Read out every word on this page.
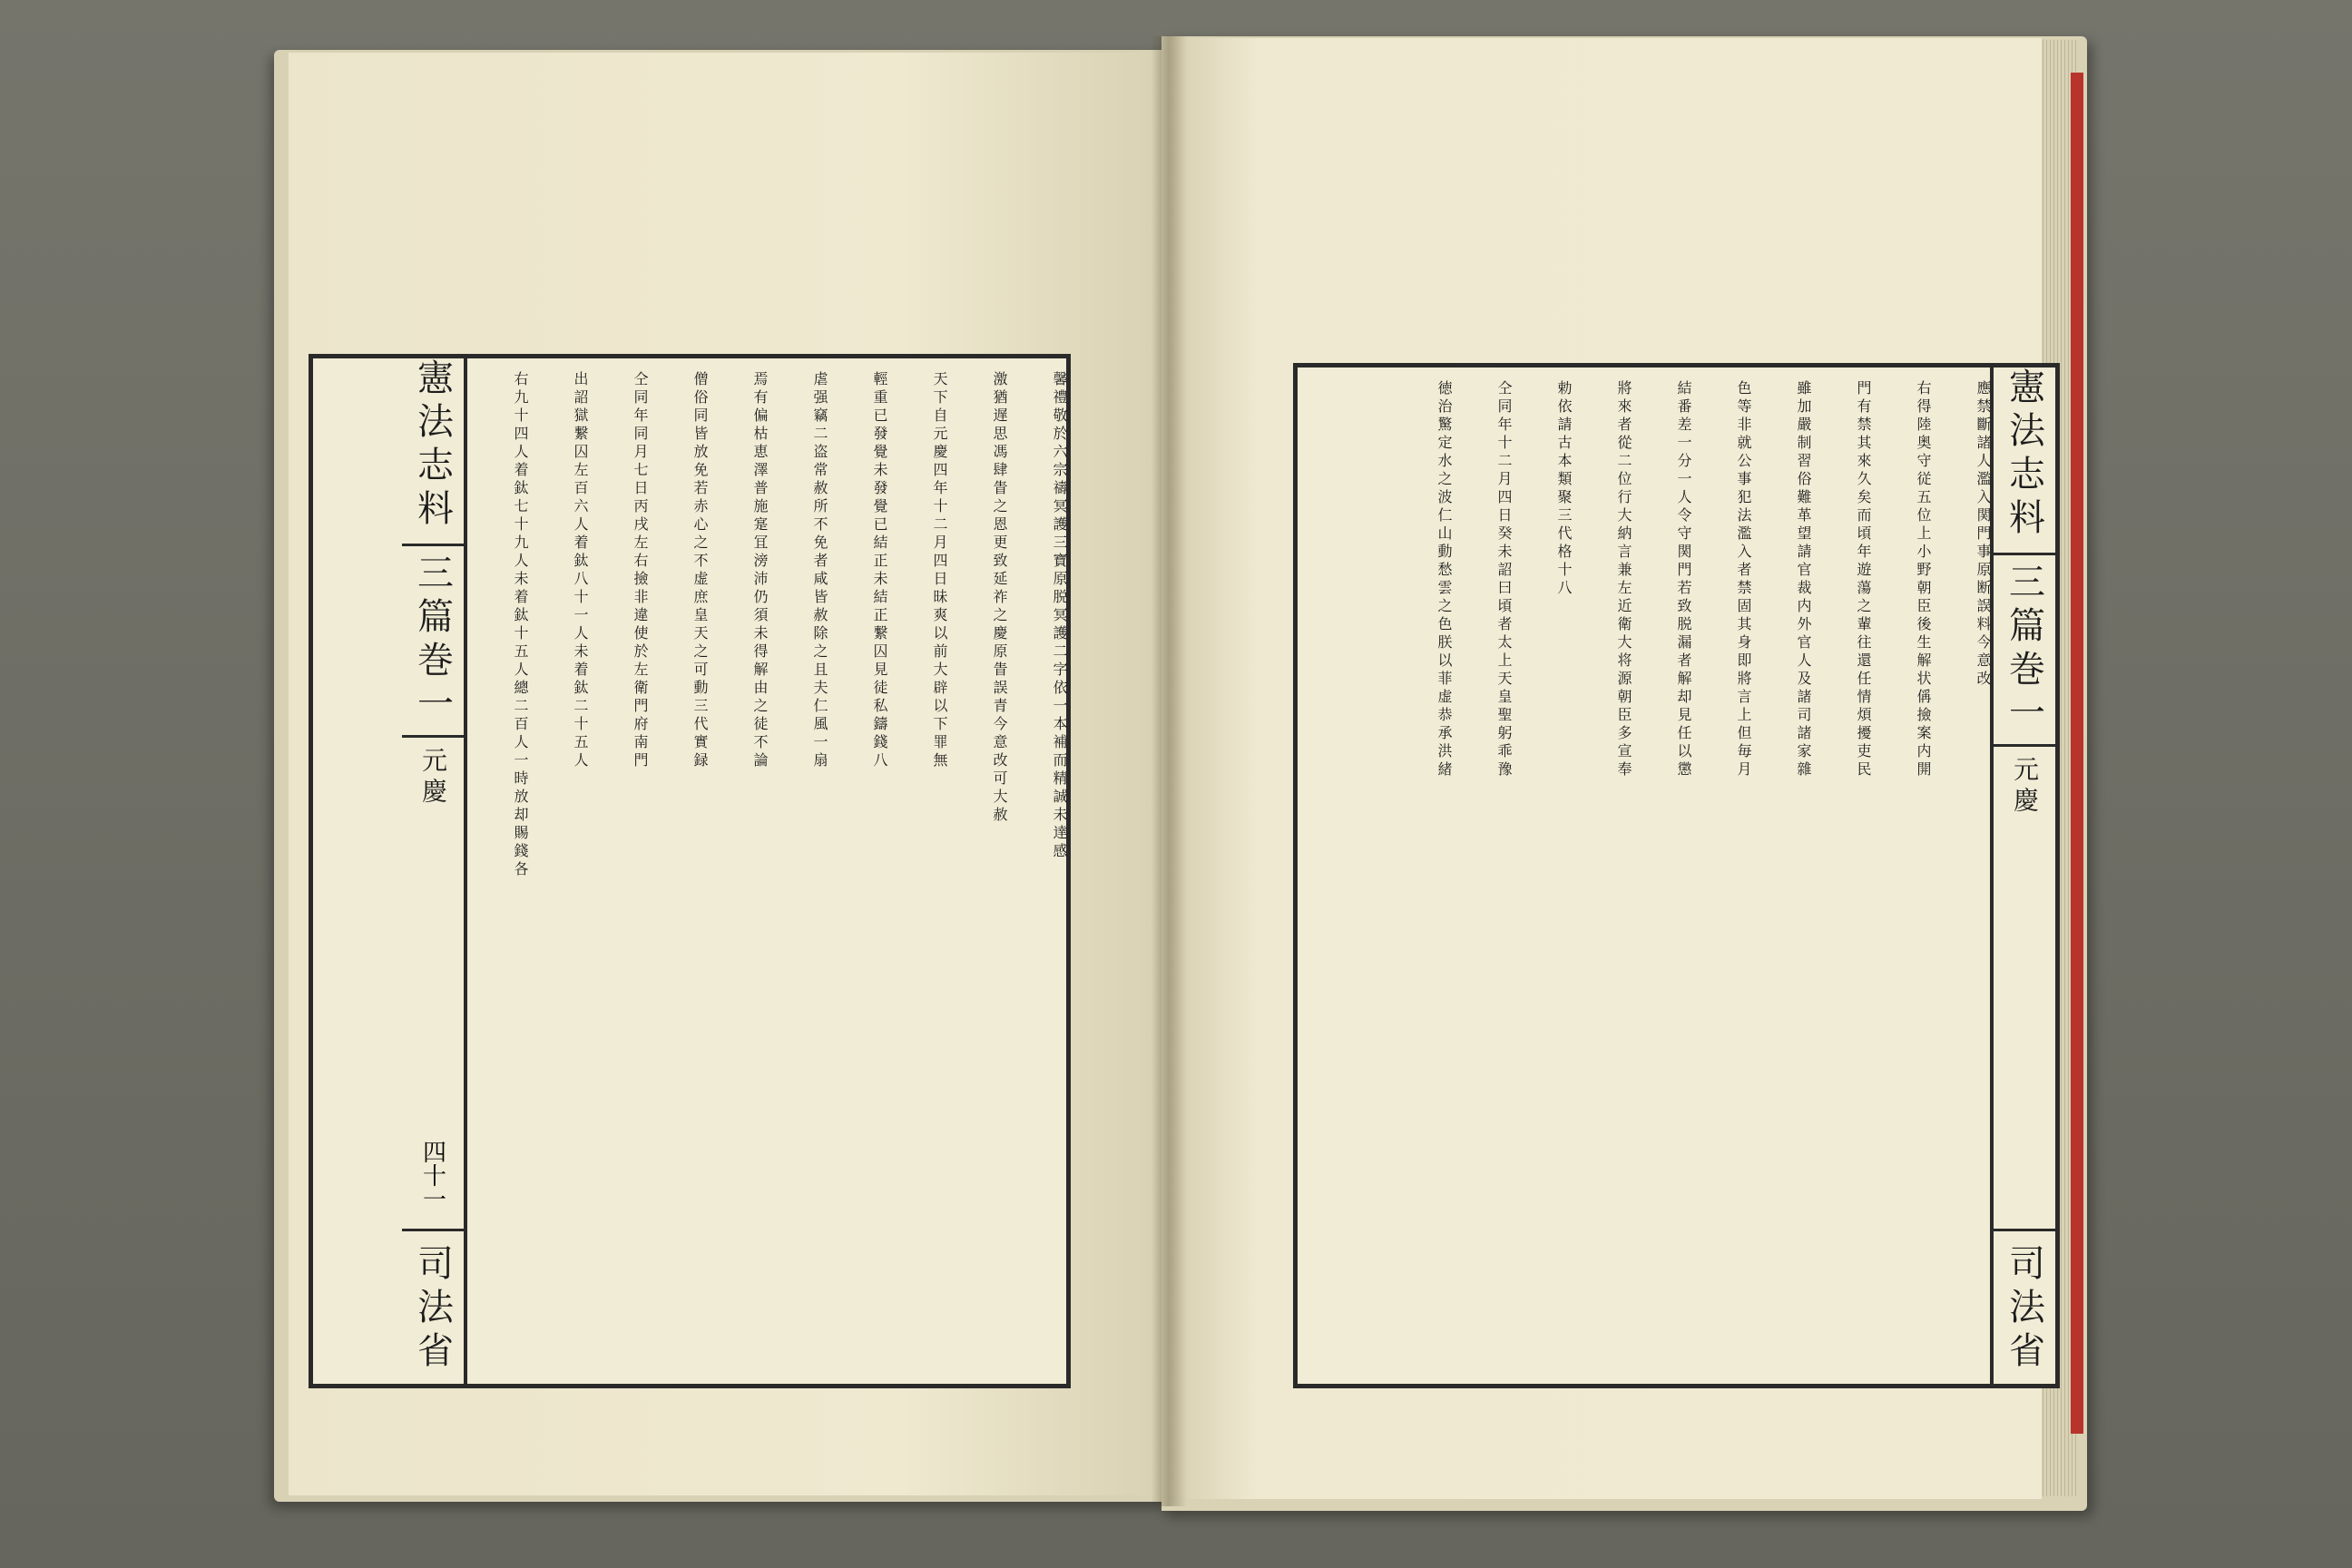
馨禮敬於六宗禱冥護三寶原脱冥護二字依一本補而精誠未達感
激猶遅思馮肆眚之恩更致延祚之慶原眚誤青今意改可大赦
天下自元慶四年十二月四日昧爽以前大辟以下罪無
輕重已發覺未發覺已結正未結正繋囚見徒私鑄錢八
虐强竊二盗常赦所不免者咸皆赦除之且夫仁風一扇
焉有偏枯恵澤普施寔冝滂沛仍須未得解由之徒不論
僧俗同皆放免若赤心之不虚庶皇天之可動三代實録
仝同年同月七日丙戌左右撿非違使於左衛門府南門
出詔獄繋囚左百六人着鈦八十一人未着鈦二十五人
右九十四人着鈦七十九人未着鈦十五人總二百人一時放却賜錢各
憲法志料
三篇巻一
元慶
四十一
司法省
憲法志料
三篇巻一
元慶
司法省
應禁斷諸人濫入関門事原断誤料今意改
右得陸奥守従五位上小野朝臣後生解状偁撿案内開
門有禁其來久矣而頃年遊蕩之輩往還任情煩擾吏民
雖加嚴制習俗難革望請官裁内外官人及諸司諸家雜
色等非就公事犯法濫入者禁固其身即將言上但毎月
結番差一分一人令守関門若致脱漏者解却見任以懲
將來者從二位行大納言兼左近衛大将源朝臣多宣奉
勅依請古本類聚三代格十八
仝同年十二月四日癸未詔曰頃者太上天皇聖躬乖豫
徳治驚定水之波仁山動愁雲之色朕以菲虚恭承洪緒
